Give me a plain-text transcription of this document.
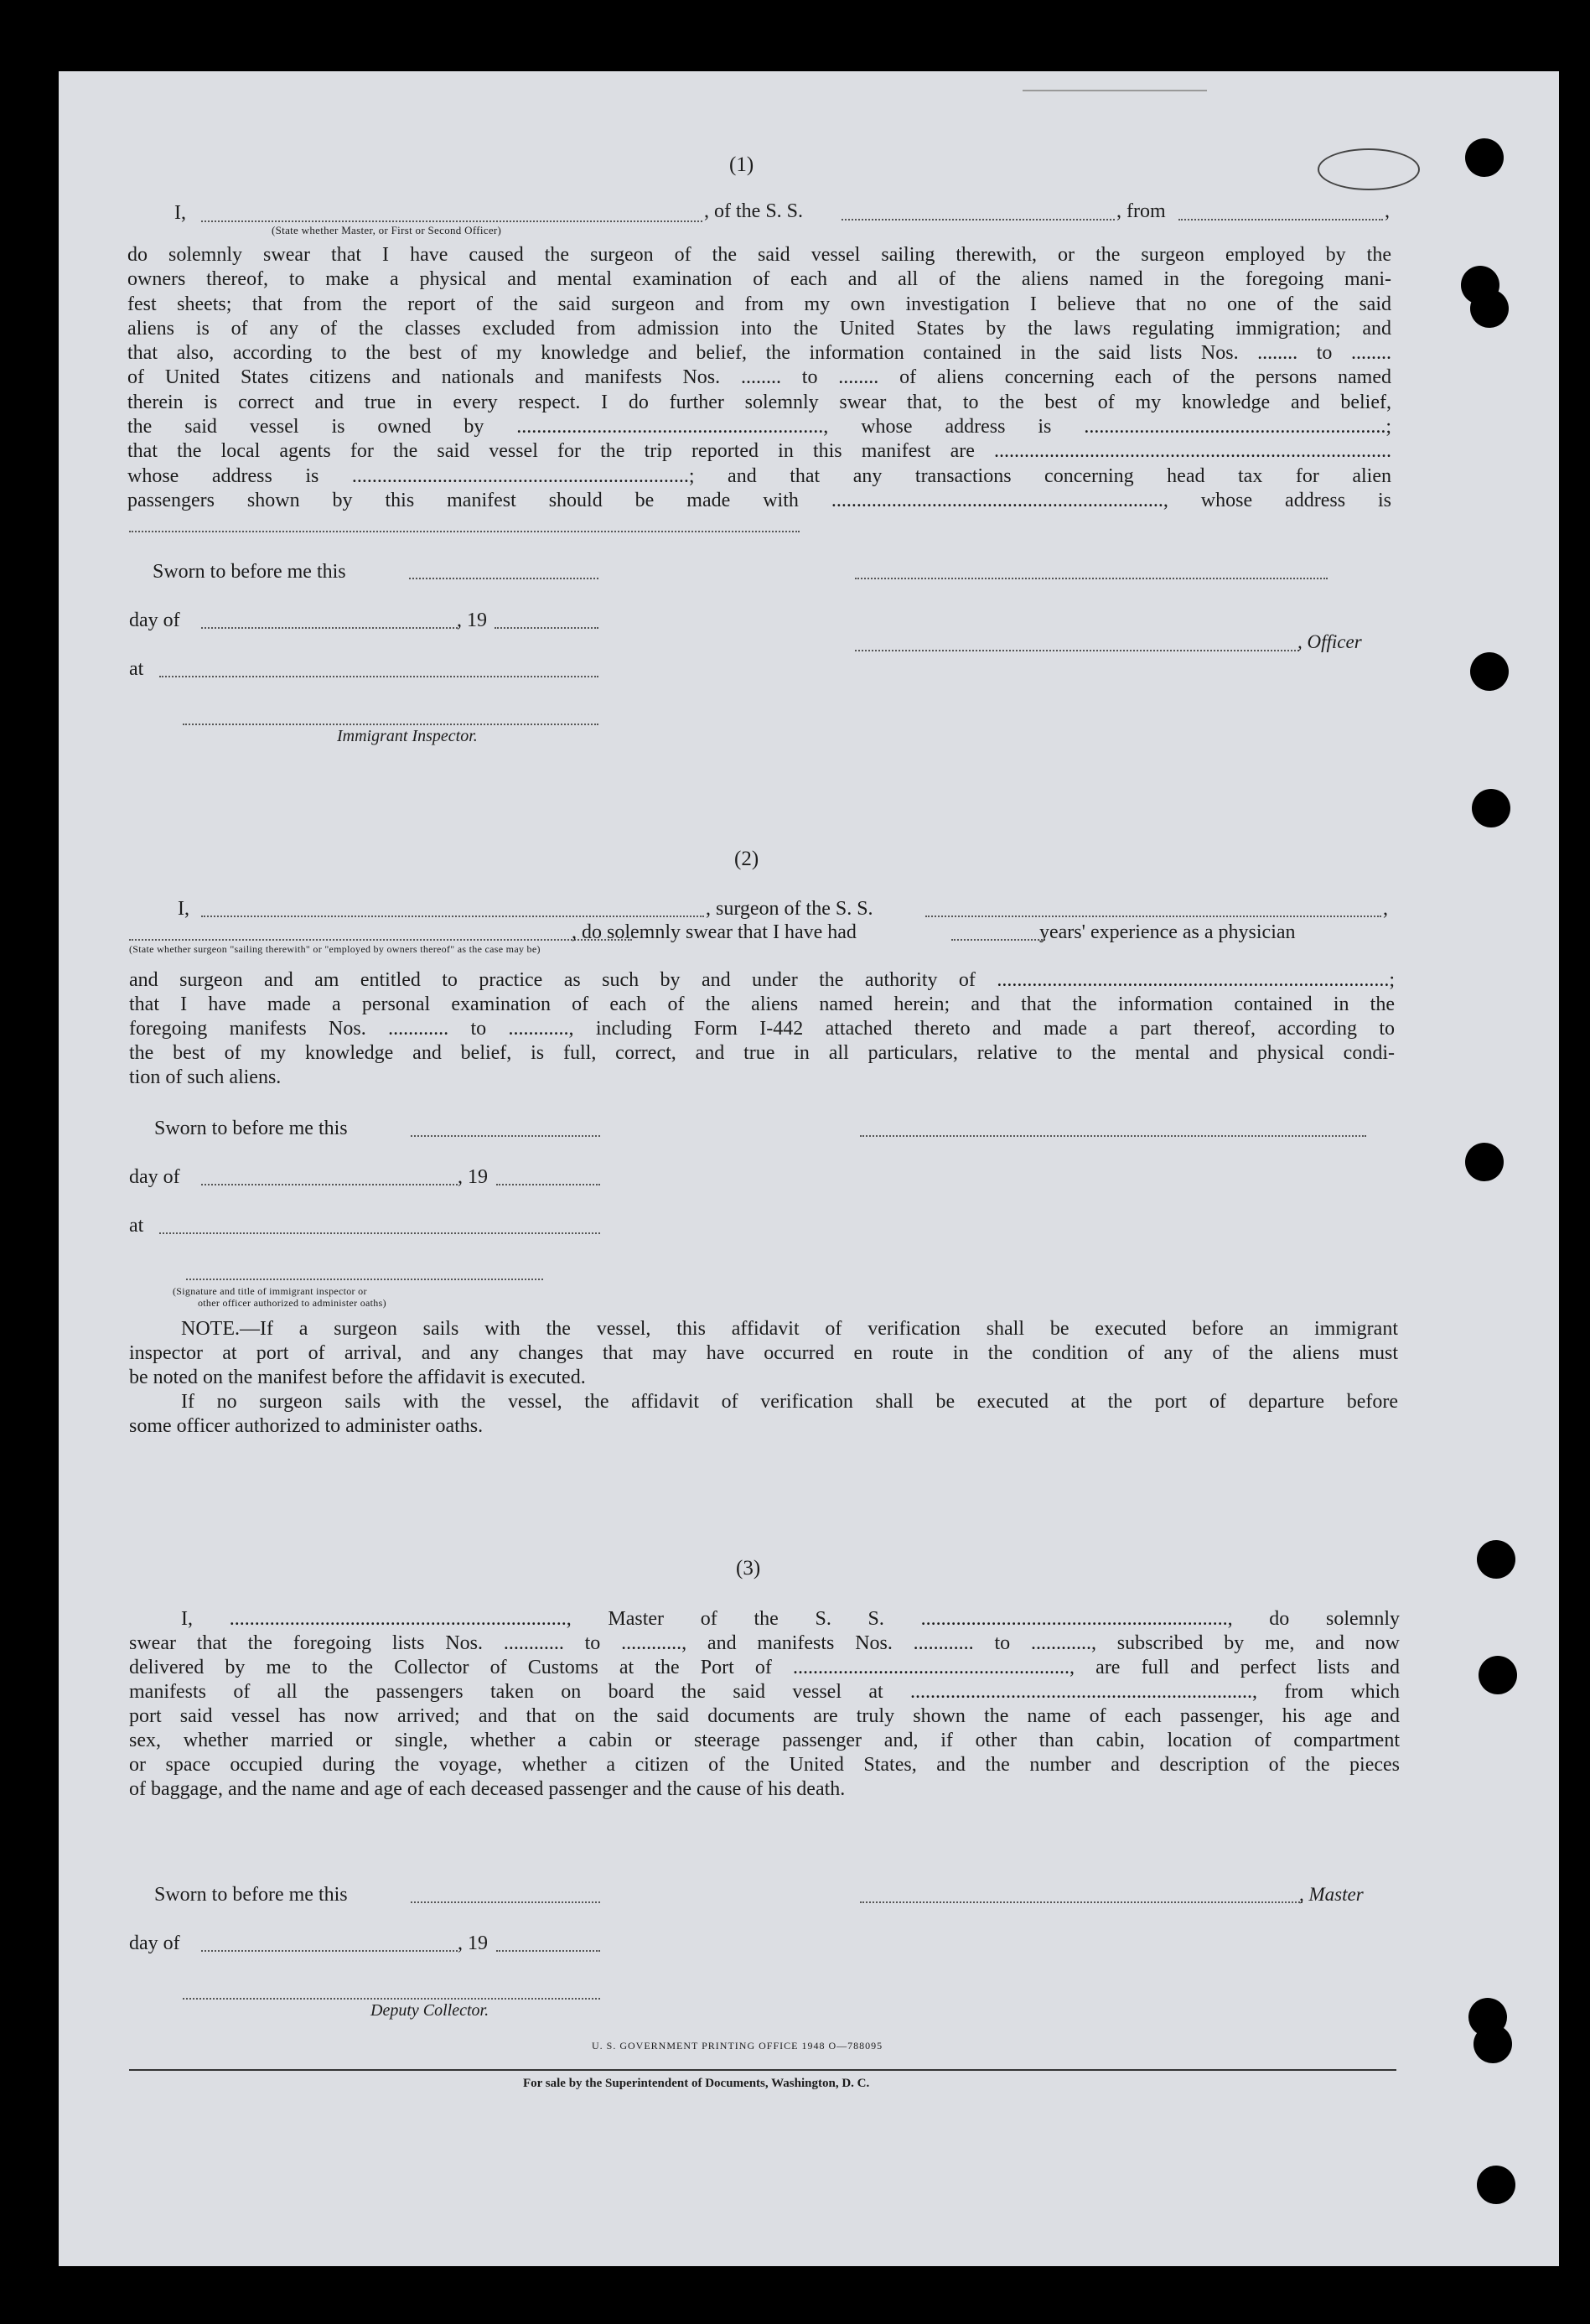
(1)
I,	, of the S. S.	, from	,
(State whether Master, or First or Second Officer)

do solemnly swear that I have caused the surgeon of the said vessel sailing therewith, or the surgeon employed by the

owners thereof, to make a physical and mental examination of each and all of the aliens named in the foregoing mani-

fest sheets; that from the report of the said surgeon and from my own investigation I believe that no one of the said

aliens is of any of the classes excluded from admission into the United States by the laws regulating immigration; and

that also, according to the best of my knowledge and belief, the information contained in the said lists Nos. ........ to ........

of United States citizens and nationals and manifests Nos. ........ to ........ of aliens concerning each of the persons named

therein is correct and true in every respect. I do further solemnly swear that, to the best of my knowledge and belief,

the said vessel is owned by ............................................................., whose address is ............................................................;

that the local agents for the said vessel for the trip reported in this manifest are ...............................................................................

whose address is ...................................................................; and that any transactions concerning head tax for alien

passengers shown by this manifest should be made with .................................................................., whose address is

Sworn to before me this
day of	, 19
, Officer
at
Immigrant Inspector.
(2)
I,	, surgeon of the S. S.	,
, do solemnly swear that I have had	years' experience as a physician
(State whether surgeon "sailing therewith" or "employed by owners thereof" as the case may be)

and surgeon and am entitled to practice as such by and under the authority of ..............................................................................;

that I have made a personal examination of each of the aliens named herein; and that the information contained in the

foregoing manifests Nos. ............ to ............, including Form I-442 attached thereto and made a part thereof, according to

the best of my knowledge and belief, is full, correct, and true in all particulars, relative to the mental and physical condi-

tion of such aliens.

Sworn to before me this
day of	, 19
at
(Signature and title of immigrant inspector or
other officer authorized to administer oaths)

NOTE.—If a surgeon sails with the vessel, this affidavit of verification shall be executed before an immigrant

inspector at port of arrival, and any changes that may have occurred en route in the condition of any of the aliens must

be noted on the manifest before the affidavit is executed.

If no surgeon sails with the vessel, the affidavit of verification shall be executed at the port of departure before

some officer authorized to administer oaths.

(3)

I, ..................................................................., Master of the S. S. ............................................................., do solemnly

swear that the foregoing lists Nos. ............ to ............, and manifests Nos. ............ to ............, subscribed by me, and now

delivered by me to the Collector of Customs at the Port of ......................................................., are full and perfect lists and

manifests of all the passengers taken on board the said vessel at ...................................................................., from which

port said vessel has now arrived; and that on the said documents are truly shown the name of each passenger, his age and

sex, whether married or single, whether a cabin or steerage passenger and, if other than cabin, location of compartment

or space occupied during the voyage, whether a citizen of the United States, and the number and description of the pieces

of baggage, and the name and age of each deceased passenger and the cause of his death.

Sworn to before me this	, Master
day of	, 19
Deputy Collector.
U. S. GOVERNMENT PRINTING OFFICE 1948 O—788095
For sale by the Superintendent of Documents, Washington, D. C.
